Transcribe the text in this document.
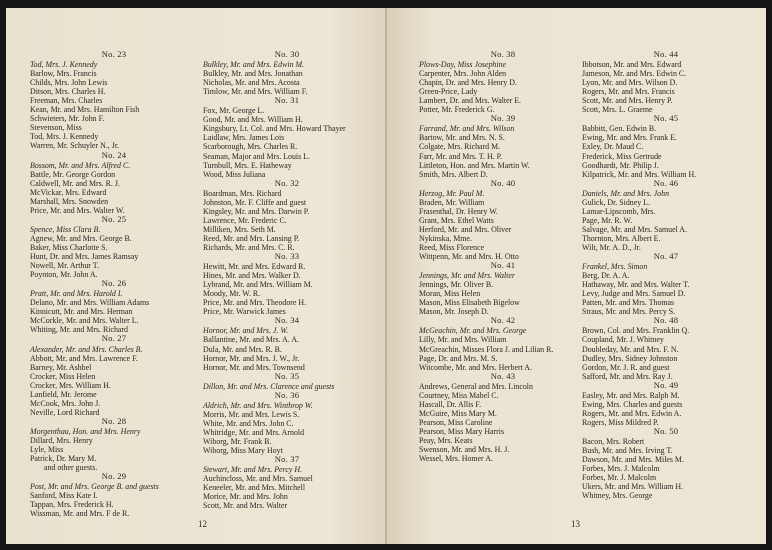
No. 23
Tod, Mrs. J. Kennedy
Barlow, Mrs. Francis
Childs, Mrs. John Lewis
Ditson, Mrs. Charles H.
Freeman, Mrs. Charles
Kean, Mr. and Mrs. Hamilton Fish
Schwieters, Mr. John F.
Stevenson, Miss
Tod, Mrs. J. Kennedy
Warren, Mr. Schuyler N., Jr.
No. 24
Bossom, Mr. and Mrs. Alfred C.
Battle, Mr. George Gordon
Caldwell, Mr. and Mrs. R. J.
McVickar, Mrs. Edward
Marshall, Mrs. Snowden
Price, Mr. and Mrs. Walter W.
No. 25
Spence, Miss Clara B.
Agnew, Mr. and Mrs. George B.
Baker, Miss Charlotte S.
Hunt, Dr. and Mrs. James Ramsay
Nowell, Mr. Arthur T.
Poynton, Mr. John A.
No. 26
Pratt, Mr. and Mrs. Harold I.
Delano, Mr. and Mrs. William Adams
Kinnicutt, Mr. and Mrs. Herman
McCorkle, Mr. and Mrs. Walter L.
Whiting, Mr. and Mrs. Richard
No. 27
Alexander, Mr. and Mrs. Charles B.
Abbott, Mr. and Mrs. Lawrence F.
Barney, Mr. Ashbel
Crocker, Miss Helen
Crocker, Mrs. William H.
Lanfield, Mr. Jerome
McCook, Mrs. John J.
Neville, Lord Richard
No. 28
Morgenthau, Hon. and Mrs. Henry
Dillard, Mrs. Henry
Lyle, Miss
Patrick, Dr. Mary M.
and other guests.
No. 29
Post, Mr. and Mrs. George B. and guests
Sanford, Miss Kate I.
Tappan, Mrs. Frederick H.
Wissman, Mr. and Mrs. F de R.
No. 30
Bulkley, Mr. and Mrs. Edwin M.
Bulkley, Mr. and Mrs. Jonathan
Nicholas, Mr. and Mrs. Acosta
Timlow, Mr. and Mrs. William F.
No. 31
Fox, Mr. George L.
Good, Mr. and Mrs. William H.
Kingsbury, Lt. Col. and Mrs. Howard Thayer
Laidlaw, Mrs. James Lois
Scarborough, Mrs. Charles R.
Seaman, Major and Mrs. Louis L.
Turnbull, Mrs. E. Hatheway
Wood, Miss Juliana
No. 32
Boardman, Mrs. Richard
Johnston, Mr. F. Cliffe and guest
Kingsley, Mr. and Mrs. Darwin P.
Lawrence, Mr. Frederic C.
Milliken, Mrs. Seth M.
Reed, Mr. and Mrs. Lansing P.
Richards, Mr. and Mrs. C. R.
No. 33
Hewitt, Mr. and Mrs. Edward R.
Hines, Mr. and Mrs. Walker D.
Lybrand, Mr. and Mrs. William M.
Moody, Mr. W. R.
Price, Mr. and Mrs. Theodore H.
Price, Mr. Warwick James
No. 34
Hornor, Mr. and Mrs. J. W.
Ballantine, Mr. and Mrs. A. A.
Dula, Mr. and Mrs. R. B.
Hornor, Mr. and Mrs. J. W., Jr.
Hornor, Mr. and Mrs. Townsend
No. 35
Dillon, Mr. and Mrs. Clarence and guests
No. 36
Aldrich, Mr. and Mrs. Winthrop W.
Morris, Mr. and Mrs. Lewis S.
White, Mr. and Mrs. John C.
Whitridge, Mr. and Mrs. Arnold
Wiborg, Mr. Frank B.
Wiborg, Miss Mary Hoyt
No. 37
Stewart, Mr. and Mrs. Percy H.
Auchincloss, Mr. and Mrs. Samuel
Keneeler, Mr. and Mrs. Mitchell
Morice, Mr. and Mrs. John
Scott, Mr. and Mrs. Walter
12
No. 38
Plows-Day, Miss Josephine
Carpenter, Mrs. John Alden
Chapin, Dr. and Mrs. Henry D.
Green-Price, Lady
Lambert, Dr. and Mrs. Walter E.
Potter, Mr. Frederick G.
No. 39
Farrand, Mr. and Mrs. Wilson
Bartow, Mr. and Mrs. N. S.
Colgate, Mrs. Richard M.
Farr, Mr. and Mrs. T. H. P.
Littleton, Hon. and Mrs. Martin W.
Smith, Mrs. Albert D.
No. 40
Herzog, Mr. Paul M.
Braden, Mr. William
Frasenthal, Dr. Henry W.
Grant, Mrs. Ethel Watts
Herford, Mr. and Mrs. Oliver
Nykinska, Mme.
Reed, Miss Florence
Wittpenn, Mr. and Mrs. H. Otto
No. 41
Jennings, Mr. and Mrs. Walter
Jennings, Mr. Oliver B.
Moran, Miss Helen
Mason, Miss Elisabeth Bigelow
Mason, Mr. Joseph D.
No. 42
McGeachin, Mr. and Mrs. George
Lilly, Mr. and Mrs. William
McGreachin, Misses Flora J. and Lilian R.
Page, Dr. and Mrs. M. S.
Witcombe, Mr. and Mrs. Herbert A.
No. 43
Andrews, General and Mrs. Lincoln
Courtney, Miss Mabel C.
Hascall, Dr. Allis F.
McGuire, Miss Mary M.
Pearson, Miss Caroline
Pearson, Miss Mary Harris
Peay, Mrs. Keats
Swenson, Mr. and Mrs. H. J.
Wessel, Mrs. Homer A.
No. 44
Ibbotson, Mr. and Mrs. Edward
Jameson, Mr. and Mrs. Edwin C.
Lyon, Mr. and Mrs. Wilson D.
Rogers, Mr. and Mrs. Francis
Scott, Mr. and Mrs. Henry P.
Scott, Mrs. L. Graeme
No. 45
Babbitt, Gen. Edwin B.
Ewing, Mr. and Mrs. Frank E.
Exley, Dr. Maud C.
Frederick, Miss Gertrude
Goodhardt, Mr. Philip J.
Kilpatrick, Mr. and Mrs. William H.
No. 46
Daniels, Mr. and Mrs. John
Gulick, Dr. Sidney L.
Lamar-Lipscomb, Mrs.
Page, Mr. R. W.
Salvage, Mr. and Mrs. Samuel A.
Thornton, Mrs. Albert E.
Wilt, Mr. A. D., Jr.
No. 47
Frankel, Mrs. Simon
Berg, Dr. A. A.
Hathaway, Mr. and Mrs. Walter T.
Levy, Judge and Mrs. Samuel D.
Patten, Mr. and Mrs. Thomas
Straus, Mr. and Mrs. Percy S.
No. 48
Brown, Col. and Mrs. Franklin Q.
Coupland, Mr. J. Whitney
Doubleday, Mr. and Mrs. F. N.
Dudley, Mrs. Sidney Johnston
Gordon, Mr. J. R. and guest
Safford, Mr. and Mrs. Ray J.
No. 49
Easley, Mr. and Mrs. Ralph M.
Ewing, Mrs. Charles and guests
Rogers, Mr. and Mrs. Edwin A.
Rogers, Miss Mildred P.
No. 50
Bacon, Mrs. Robert
Bush, Mr. and Mrs. Irving T.
Dawson, Mr. and Mrs. Miles M.
Forbes, Mrs. J. Malcolm
Forbes, Mr. J. Malcolm
Ukers, Mr. and Mrs. William H.
Whitney, Mrs. George
13
